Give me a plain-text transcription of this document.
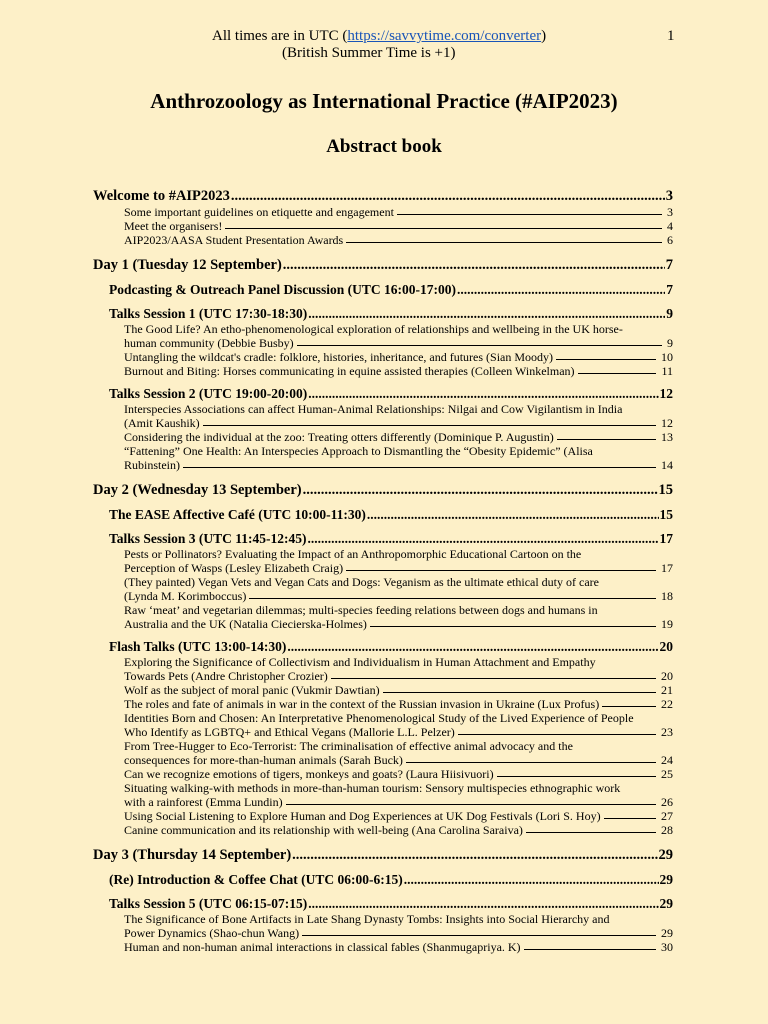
All times are in UTC (https://savvytime.com/converter)
(British Summer Time is +1)
1
Anthrozoology as International Practice (#AIP2023)
Abstract book
Welcome to #AIP2023 .....	3
Some important guidelines on etiquette and engagement	3
Meet the organisers!	4
AIP2023/AASA Student Presentation Awards	6
Day 1 (Tuesday 12 September) .....	7
Podcasting & Outreach Panel Discussion (UTC 16:00-17:00) .....	7
Talks Session 1 (UTC 17:30-18:30) .....	9
The Good Life? An etho-phenomenological exploration of relationships and wellbeing in the UK horse-
human community (Debbie Busby)	9
Untangling the wildcat's cradle: folklore, histories, inheritance, and futures (Sian Moody)	10
Burnout and Biting: Horses communicating in equine assisted therapies (Colleen Winkelman)	11
Talks Session 2 (UTC 19:00-20:00) .....	12
Interspecies Associations can affect Human-Animal Relationships: Nilgai and Cow Vigilantism in India
(Amit Kaushik)	12
Considering the individual at the zoo: Treating otters differently (Dominique P. Augustin)	13
“Fattening” One Health: An Interspecies Approach to Dismantling the “Obesity Epidemic” (Alisa
Rubinstein)	14
Day 2 (Wednesday 13 September) .....	15
The EASE Affective Café (UTC 10:00-11:30) .....	15
Talks Session 3 (UTC 11:45-12:45) .....	17
Pests or Pollinators? Evaluating the Impact of an Anthropomorphic Educational Cartoon on the
Perception of Wasps (Lesley Elizabeth Craig)	17
(They painted) Vegan Vets and Vegan Cats and Dogs: Veganism as the ultimate ethical duty of care
(Lynda M. Korimboccus)	18
Raw ‘meat’ and vegetarian dilemmas; multi-species feeding relations between dogs and humans in
Australia and the UK (Natalia Ciecierska-Holmes)	19
Flash Talks (UTC 13:00-14:30) .....	20
Exploring the Significance of Collectivism and Individualism in Human Attachment and Empathy
Towards Pets (Andre Christopher Crozier)	20
Wolf as the subject of moral panic (Vukmir Dawtian)	21
The roles and fate of animals in war in the context of the Russian invasion in Ukraine (Lux Profus)	22
Identities Born and Chosen: An Interpretative Phenomenological Study of the Lived Experience of People
Who Identify as LGBTQ+ and Ethical Vegans (Mallorie L.L. Pelzer)	23
From Tree-Hugger to Eco-Terrorist: The criminalisation of effective animal advocacy and the
consequences for more-than-human animals (Sarah Buck)	24
Can we recognize emotions of tigers, monkeys and goats? (Laura Hiisivuori)	25
Situating walking-with methods in more-than-human tourism: Sensory multispecies ethnographic work
with a rainforest (Emma Lundin)	26
Using Social Listening to Explore Human and Dog Experiences at UK Dog Festivals (Lori S. Hoy)	27
Canine communication and its relationship with well-being (Ana Carolina Saraiva)	28
Day 3 (Thursday 14 September) .....	29
(Re) Introduction & Coffee Chat (UTC 06:00-6:15) .....	29
Talks Session 5 (UTC 06:15-07:15) .....	29
The Significance of Bone Artifacts in Late Shang Dynasty Tombs: Insights into Social Hierarchy and
Power Dynamics (Shao-chun Wang)	29
Human and non-human animal interactions in classical fables (Shanmugapriya. K)	30
